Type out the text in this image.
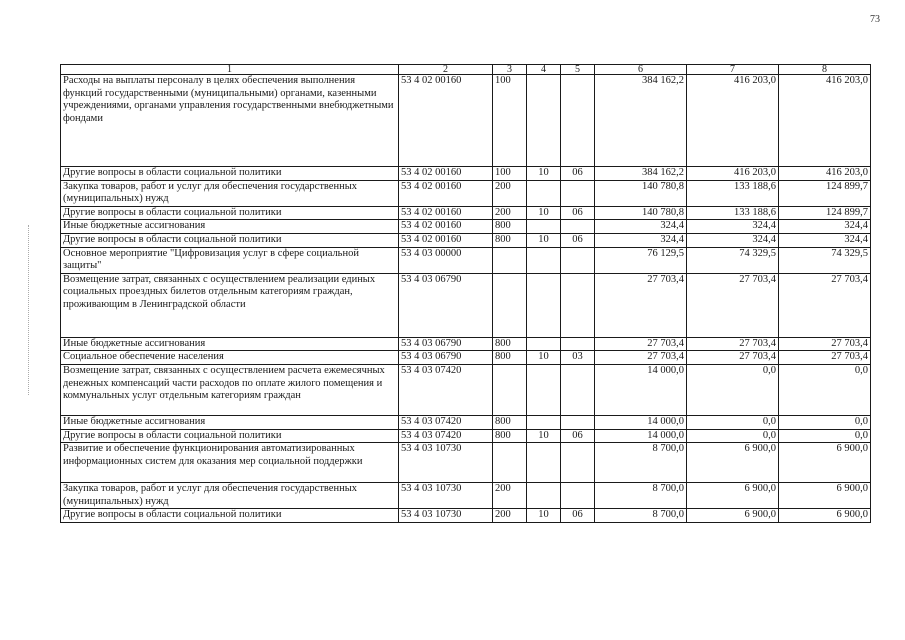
73
1	2	3	4	5	6	7	8
Расходы на выплаты персоналу в целях обеспечения выполнения функций государственными (муниципальными) органами, казенными учреждениями, органами управления государственными внебюджетными фондами	53 4 02 00160	100			384 162,2	416 203,0	416 203,0
Другие вопросы в области социальной политики	53 4 02 00160	100	10	06	384 162,2	416 203,0	416 203,0
Закупка товаров, работ и услуг для обеспечения государственных (муниципальных) нужд	53 4 02 00160	200			140 780,8	133 188,6	124 899,7
Другие вопросы в области социальной политики	53 4 02 00160	200	10	06	140 780,8	133 188,6	124 899,7
Иные бюджетные ассигнования	53 4 02 00160	800			324,4	324,4	324,4
Другие вопросы в области социальной политики	53 4 02 00160	800	10	06	324,4	324,4	324,4
Основное мероприятие "Цифровизация услуг в сфере социальной защиты"	53 4 03 00000				76 129,5	74 329,5	74 329,5
Возмещение затрат, связанных с осуществлением реализации единых социальных проездных билетов отдельным категориям граждан, проживающим в Ленинградской области	53 4 03 06790				27 703,4	27 703,4	27 703,4
Иные бюджетные ассигнования	53 4 03 06790	800			27 703,4	27 703,4	27 703,4
Социальное обеспечение населения	53 4 03 06790	800	10	03	27 703,4	27 703,4	27 703,4
Возмещение затрат, связанных с осуществлением расчета ежемесячных денежных компенсаций части расходов по оплате жилого помещения и коммунальных услуг отдельным категориям граждан	53 4 03 07420				14 000,0	0,0	0,0
Иные бюджетные ассигнования	53 4 03 07420	800			14 000,0	0,0	0,0
Другие вопросы в области социальной политики	53 4 03 07420	800	10	06	14 000,0	0,0	0,0
Развитие и обеспечение функционирования автоматизированных информационных систем для оказания мер социальной поддержки	53 4 03 10730				8 700,0	6 900,0	6 900,0
Закупка товаров, работ и услуг для обеспечения государственных (муниципальных) нужд	53 4 03 10730	200			8 700,0	6 900,0	6 900,0
Другие вопросы в области социальной политики	53 4 03 10730	200	10	06	8 700,0	6 900,0	6 900,0
